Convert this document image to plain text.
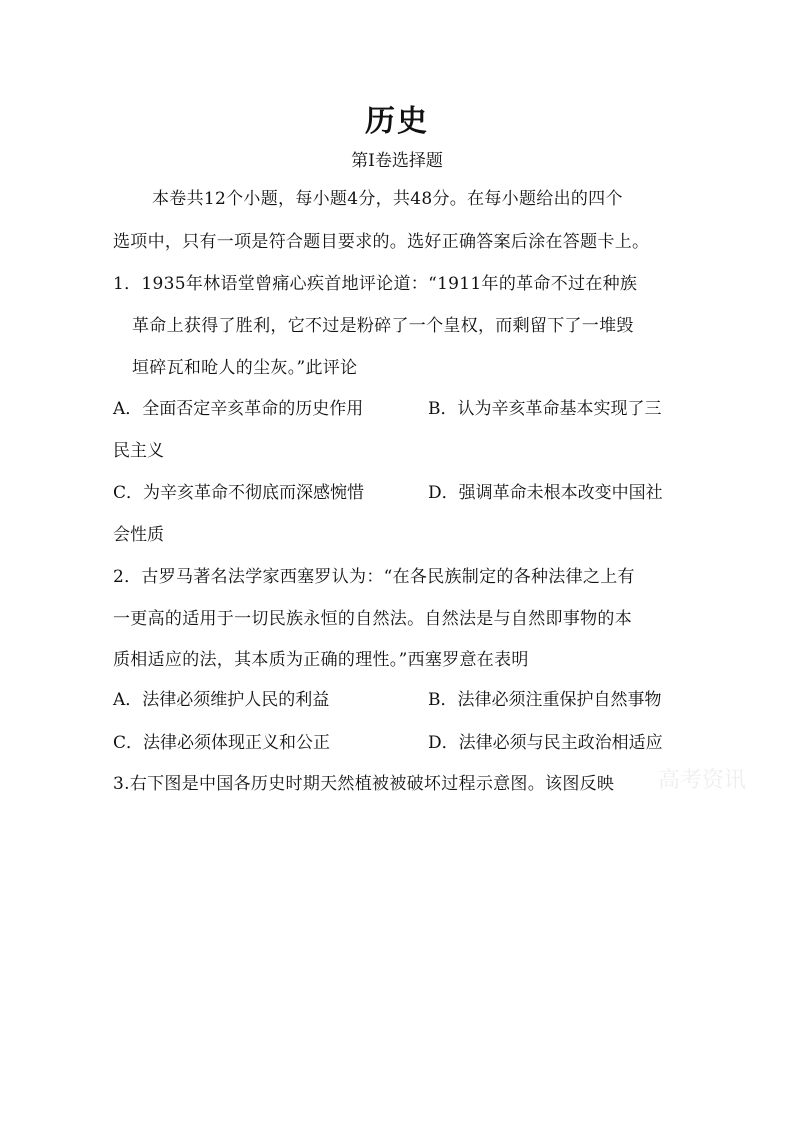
历史
第Ⅰ卷选择题
本卷共12个小题，每小题4分，共48分。在每小题给出的四个
选项中，只有一项是符合题目要求的。选好正确答案后涂在答题卡上。
1．1935年林语堂曾痛心疾首地评论道：“1911年的革命不过在种族
革命上获得了胜利，它不过是粉碎了一个皇权，而剩留下了一堆毁
垣碎瓦和呛人的尘灰。”此评论
A．全面否定辛亥革命的历史作用	B．认为辛亥革命基本实现了三
民主义
C．为辛亥革命不彻底而深感惋惜	D．强调革命未根本改变中国社
会性质
2．古罗马著名法学家西塞罗认为：“在各民族制定的各种法律之上有
一更高的适用于一切民族永恒的自然法。自然法是与自然即事物的本
质相适应的法，其本质为正确的理性。”西塞罗意在表明
A．法律必须维护人民的利益	B．法律必须注重保护自然事物
C．法律必须体现正义和公正	D．法律必须与民主政治相适应
3.右下图是中国各历史时期天然植被被破坏过程示意图。该图反映 高考资讯
